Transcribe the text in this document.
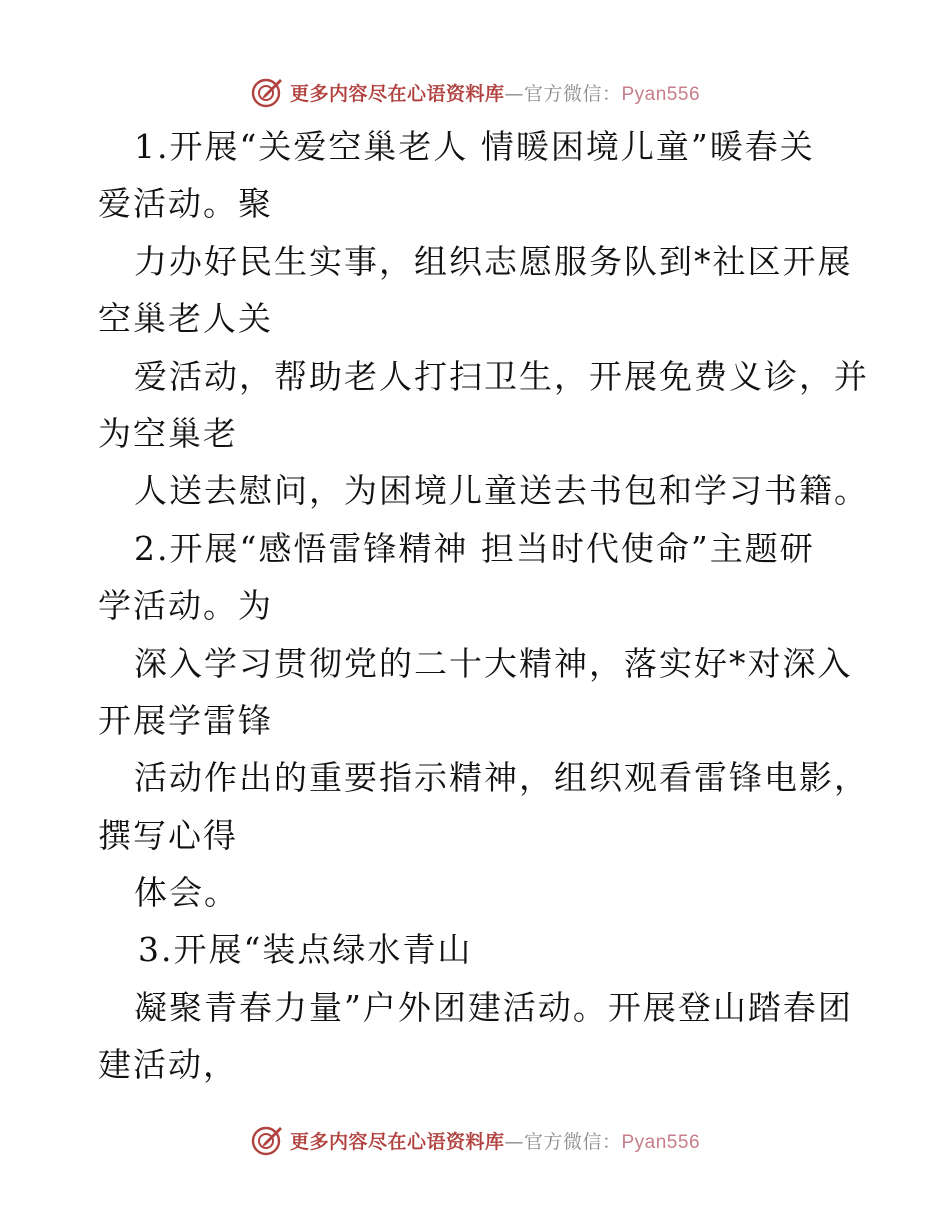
更多内容尽在心语资料库—官方微信：Pyan556
1.开展“关爱空巢老人 情暖困境儿童”暖春关
爱活动。聚
力办好民生实事，组织志愿服务队到*社区开展
空巢老人关
爱活动，帮助老人打扫卫生，开展免费义诊，并
为空巢老
人送去慰问，为困境儿童送去书包和学习书籍。
2.开展“感悟雷锋精神 担当时代使命”主题研
学活动。为
深入学习贯彻党的二十大精神，落实好*对深入
开展学雷锋
活动作出的重要指示精神，组织观看雷锋电影，
撰写心得
体会。
3.开展“装点绿水青山
凝聚青春力量”户外团建活动。开展登山踏春团
建活动，
更多内容尽在心语资料库—官方微信：Pyan556
